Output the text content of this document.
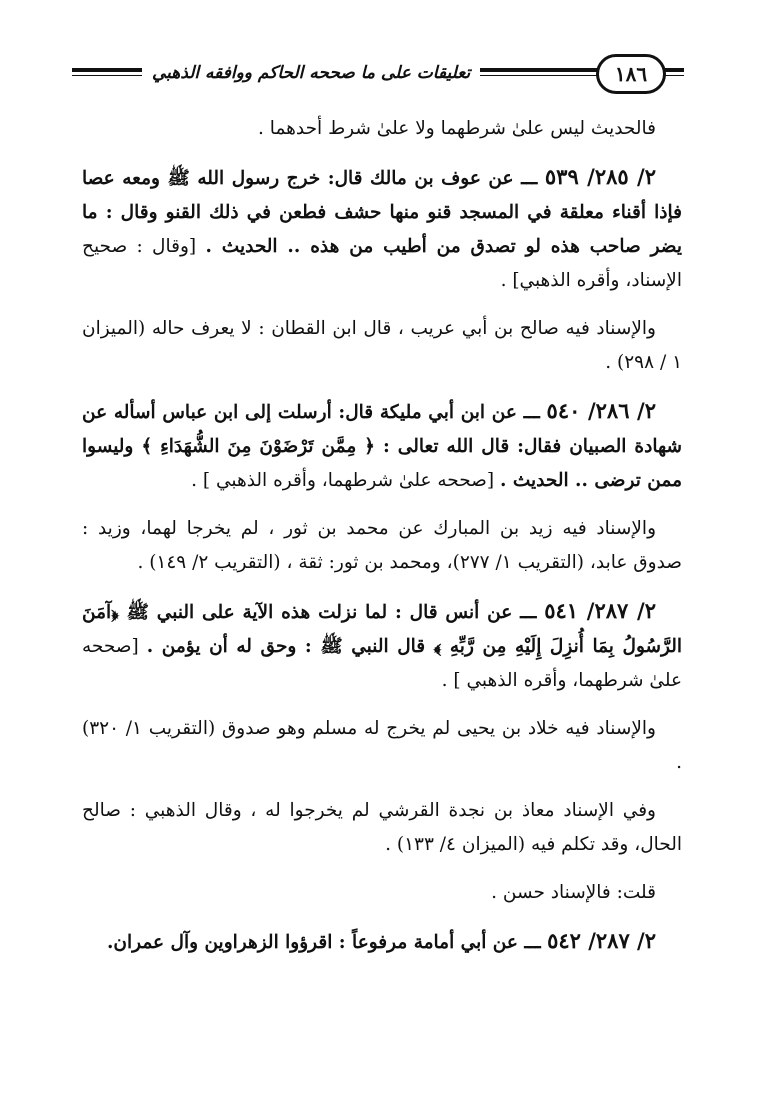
تعليقات على ما صححه الحاكم ووافقه الذهبي	١٨٦

فالحديث ليس علىٰ شرطهما ولا علىٰ شرط أحدهما .

٢/ ٢٨٥/ ٥٣٩ ـــ عن عوف بن مالك قال: خرج رسول الله ﷺ ومعه عصا فإذا أقناء معلقة في المسجد قنو منها حشف فطعن في ذلك القنو وقال : ما يضر صاحب هذه لو تصدق من أطيب من هذه .. الحديث . [وقال : صحيح الإسناد، وأقره الذهبي] .

والإسناد فيه صالح بن أبي عريب ، قال ابن القطان : لا يعرف حاله (الميزان ١ / ٢٩٨) .

٢/ ٢٨٦/ ٥٤٠ ـــ عن ابن أبي مليكة قال: أرسلت إلى ابن عباس أسأله عن شهادة الصبيان فقال: قال الله تعالى : ﴿ مِمَّن تَرْضَوْنَ مِنَ الشُّهَدَاءِ ﴾ وليسوا ممن ترضى .. الحديث . [صححه علىٰ شرطهما، وأقره الذهبي ] .

والإسناد فيه زيد بن المبارك عن محمد بن ثور ، لم يخرجا لهما، وزيد : صدوق عابد، (التقريب ١/ ٢٧٧)، ومحمد بن ثور: ثقة ، (التقريب ٢/ ١٤٩) .

٢/ ٢٨٧/ ٥٤١ ـــ عن أنس قال : لما نزلت هذه الآية على النبي ﷺ ﴿آمَنَ الرَّسُولُ بِمَا أُنزِلَ إِلَيْهِ مِن رَّبِّهِ ﴾ قال النبي ﷺ : وحق له أن يؤمن . [صححه علىٰ شرطهما، وأقره الذهبي ] .

والإسناد فيه خلاد بن يحيى لم يخرج له مسلم وهو صدوق (التقريب ١/ ٣٢٠) .

وفي الإسناد معاذ بن نجدة القرشي لم يخرجوا له ، وقال الذهبي : صالح الحال، وقد تكلم فيه (الميزان ٤/ ١٣٣) .

قلت: فالإسناد حسن .

٢/ ٢٨٧/ ٥٤٢ ـــ عن أبي أمامة مرفوعاً : اقرؤوا الزهراوين وآل عمران.
